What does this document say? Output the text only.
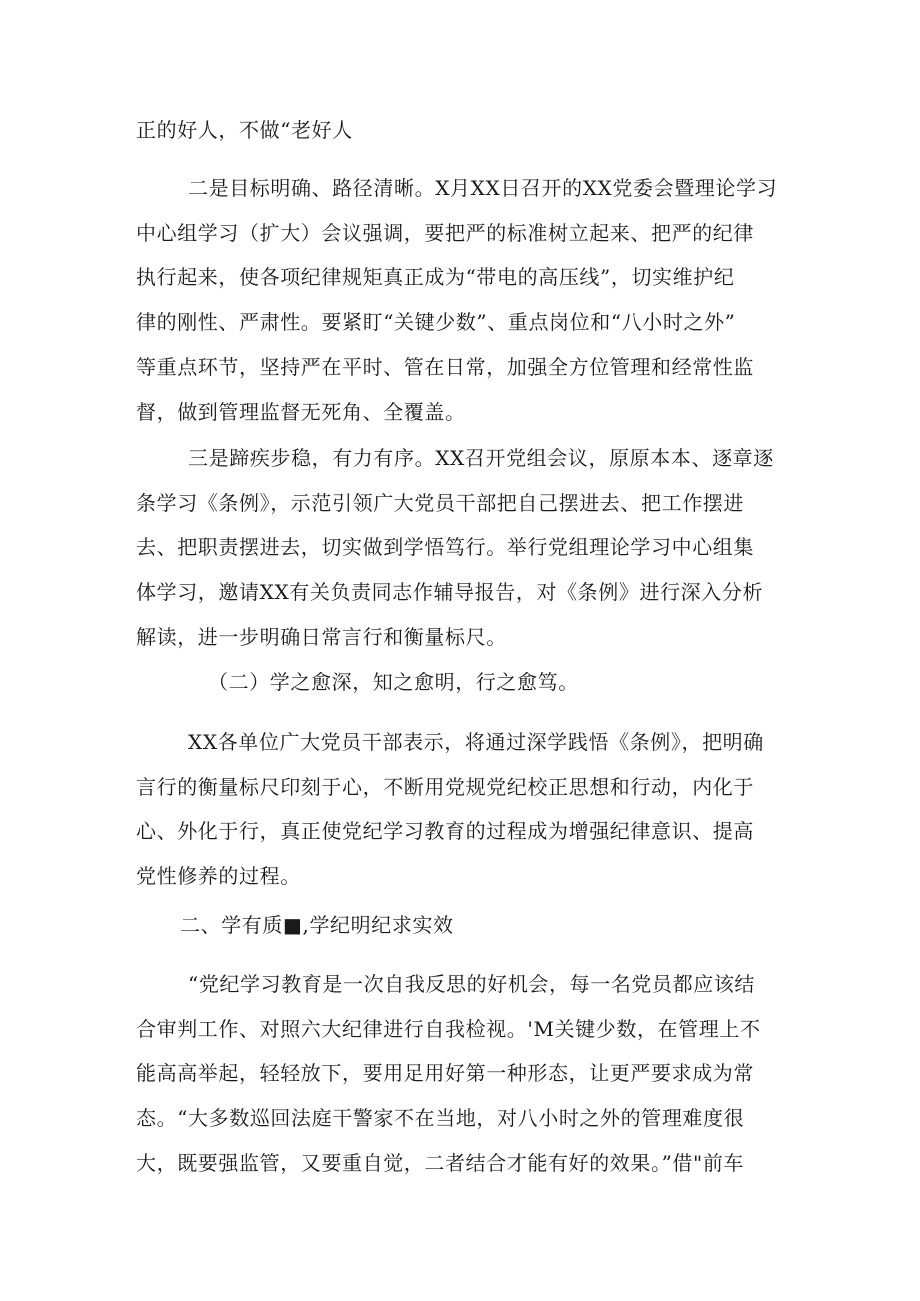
正的好人，不做“老好人
二是目标明确、路径清晰。X月XX日召开的XX党委会暨理论学习
中心组学习（扩大）会议强调，要把严的标准树立起来、把严的纪律
执行起来，使各项纪律规矩真正成为“带电的高压线”，切实维护纪
律的刚性、严肃性。要紧盯“关键少数”、重点岗位和“八小时之外”
等重点环节，坚持严在平时、管在日常，加强全方位管理和经常性监
督，做到管理监督无死角、全覆盖。
三是蹄疾步稳，有力有序。XX召开党组会议，原原本本、逐章逐
条学习《条例》，示范引领广大党员干部把自己摆进去、把工作摆进
去、把职责摆进去，切实做到学悟笃行。举行党组理论学习中心组集
体学习，邀请XX有关负责同志作辅导报告，对《条例》进行深入分析
解读，进一步明确日常言行和衡量标尺。
（二）学之愈深，知之愈明，行之愈笃。
XX各单位广大党员干部表示，将通过深学践悟《条例》，把明确
言行的衡量标尺印刻于心，不断用党规党纪校正思想和行动，内化于
心、外化于行，真正使党纪学习教育的过程成为增强纪律意识、提高
党性修养的过程。
二、学有质■,学纪明纪求实效
“党纪学习教育是一次自我反思的好机会，每一名党员都应该结
合审判工作、对照六大纪律进行自我检视。'M关键少数，在管理上不
能高高举起，轻轻放下，要用足用好第一种形态，让更严要求成为常
态。“大多数巡回法庭干警家不在当地，对八小时之外的管理难度很
大，既要强监管，又要重自觉，二者结合才能有好的效果。”借"前车
